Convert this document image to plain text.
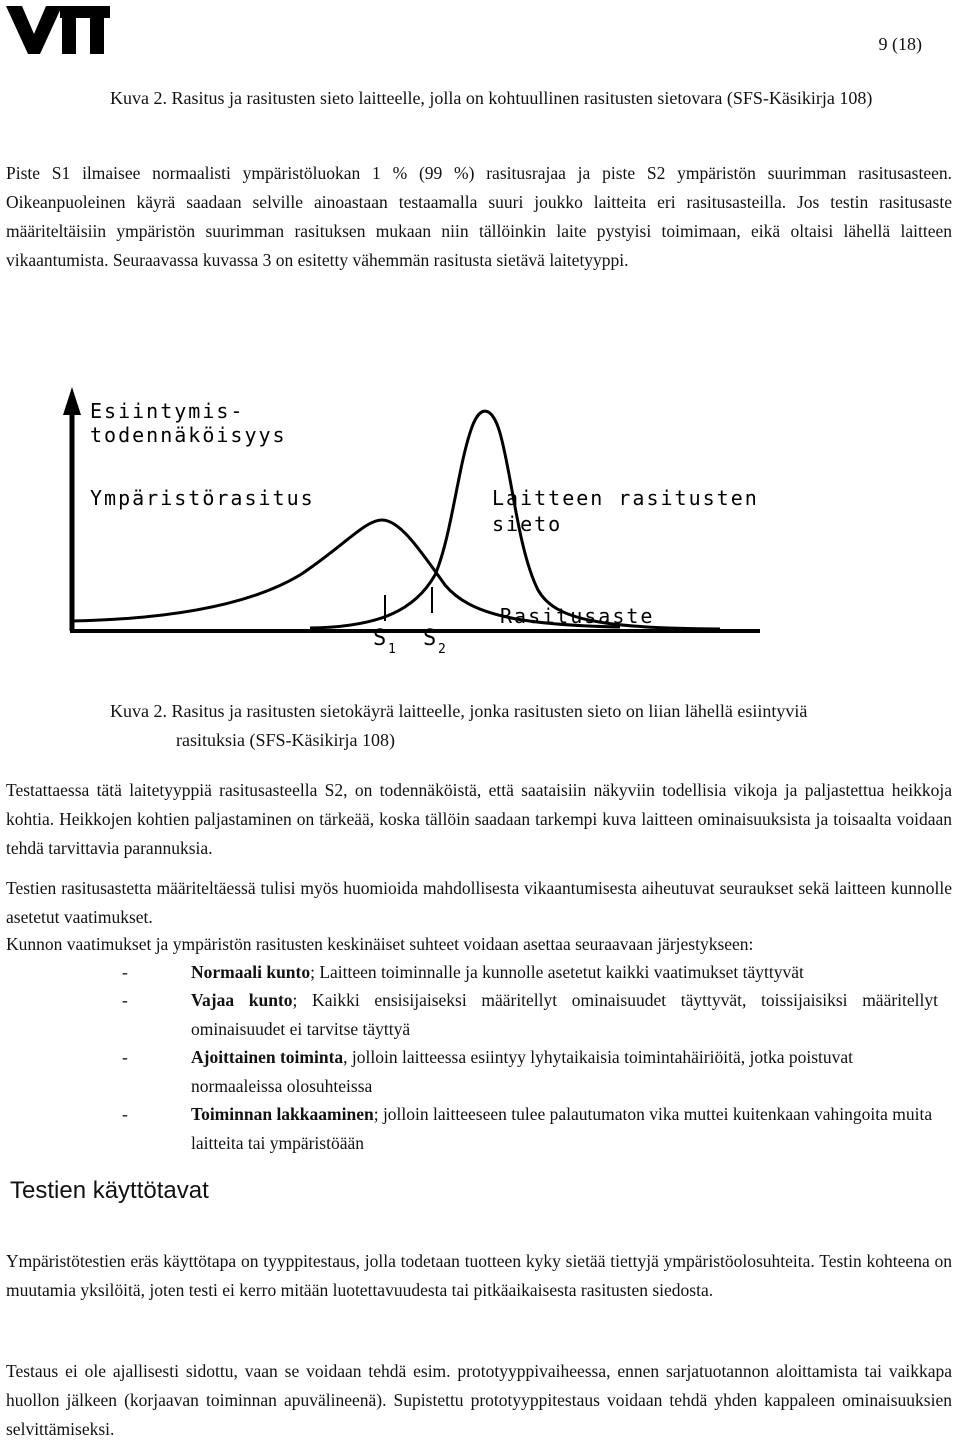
9 (18)
Kuva 2. Rasitus ja rasitusten sieto laitteelle, jolla on kohtuullinen rasitusten sietovara (SFS-Käsikirja 108)

Piste S1 ilmaisee normaalisti ympäristöluokan 1 % (99 %) rasitusrajaa ja piste S2 ympäristön suurimman rasitusasteen. Oikeanpuoleinen käyrä saadaan selville ainoastaan testaamalla suuri joukko laitteita eri rasitusasteilla. Jos testin rasitusaste määriteltäisiin ympäristön suurimman rasituksen mukaan niin tällöinkin laite pystyisi toimimaan, eikä oltaisi lähellä laitteen vikaantumista. Seuraavassa kuvassa 3 on esitetty vähemmän rasitusta sietävä laitetyyppi.

Esiintymis-
todennäköisyys
Ympäristörasitus	Laitteen rasitusten
sieto
Rasitusaste
S 1 S 2
Kuva 2. Rasitus ja rasitusten sietokäyrä laitteelle, jonka rasitusten sieto on liian lähellä esiintyviä
rasituksia (SFS-Käsikirja 108)

Testattaessa tätä laitetyyppiä rasitusasteella S2, on todennäköistä, että saataisiin näkyviin todellisia vikoja ja paljastettua heikkoja kohtia. Heikkojen kohtien paljastaminen on tärkeää, koska tällöin saadaan tarkempi kuva laitteen ominaisuuksista ja toisaalta voidaan tehdä tarvittavia parannuksia.

Testien rasitusastetta määriteltäessä tulisi myös huomioida mahdollisesta vikaantumisesta aiheutuvat seuraukset sekä laitteen kunnolle asetetut vaatimukset.

Kunnon vaatimukset ja ympäristön rasitusten keskinäiset suhteet voidaan asettaa seuraavaan järjestykseen:

-	Normaali kunto; Laitteen toiminnalle ja kunnolle asetetut kaikki vaatimukset täyttyvät
-	Vajaa kunto; Kaikki ensisijaiseksi määritellyt ominaisuudet täyttyvät, toissijaisiksi määritellyt ominaisuudet ei tarvitse täyttyä
-	Ajoittainen toiminta, jolloin laitteessa esiintyy lyhytaikaisia toimintahäiriöitä, jotka poistuvat normaaleissa olosuhteissa
-	Toiminnan lakkaaminen; jolloin laitteeseen tulee palautumaton vika muttei kuitenkaan vahingoita muita laitteita tai ympäristöään
Testien käyttötavat

Ympäristötestien eräs käyttötapa on tyyppitestaus, jolla todetaan tuotteen kyky sietää tiettyjä ympäristöolosuhteita. Testin kohteena on muutamia yksilöitä, joten testi ei kerro mitään luotettavuudesta tai pitkäaikaisesta rasitusten siedosta.

Testaus ei ole ajallisesti sidottu, vaan se voidaan tehdä esim. prototyyppivaiheessa, ennen sarjatuotannon aloittamista tai vaikkapa huollon jälkeen (korjaavan toiminnan apuvälineenä). Supistettu prototyyppitestaus voidaan tehdä yhden kappaleen ominaisuuksien selvittämiseksi.
